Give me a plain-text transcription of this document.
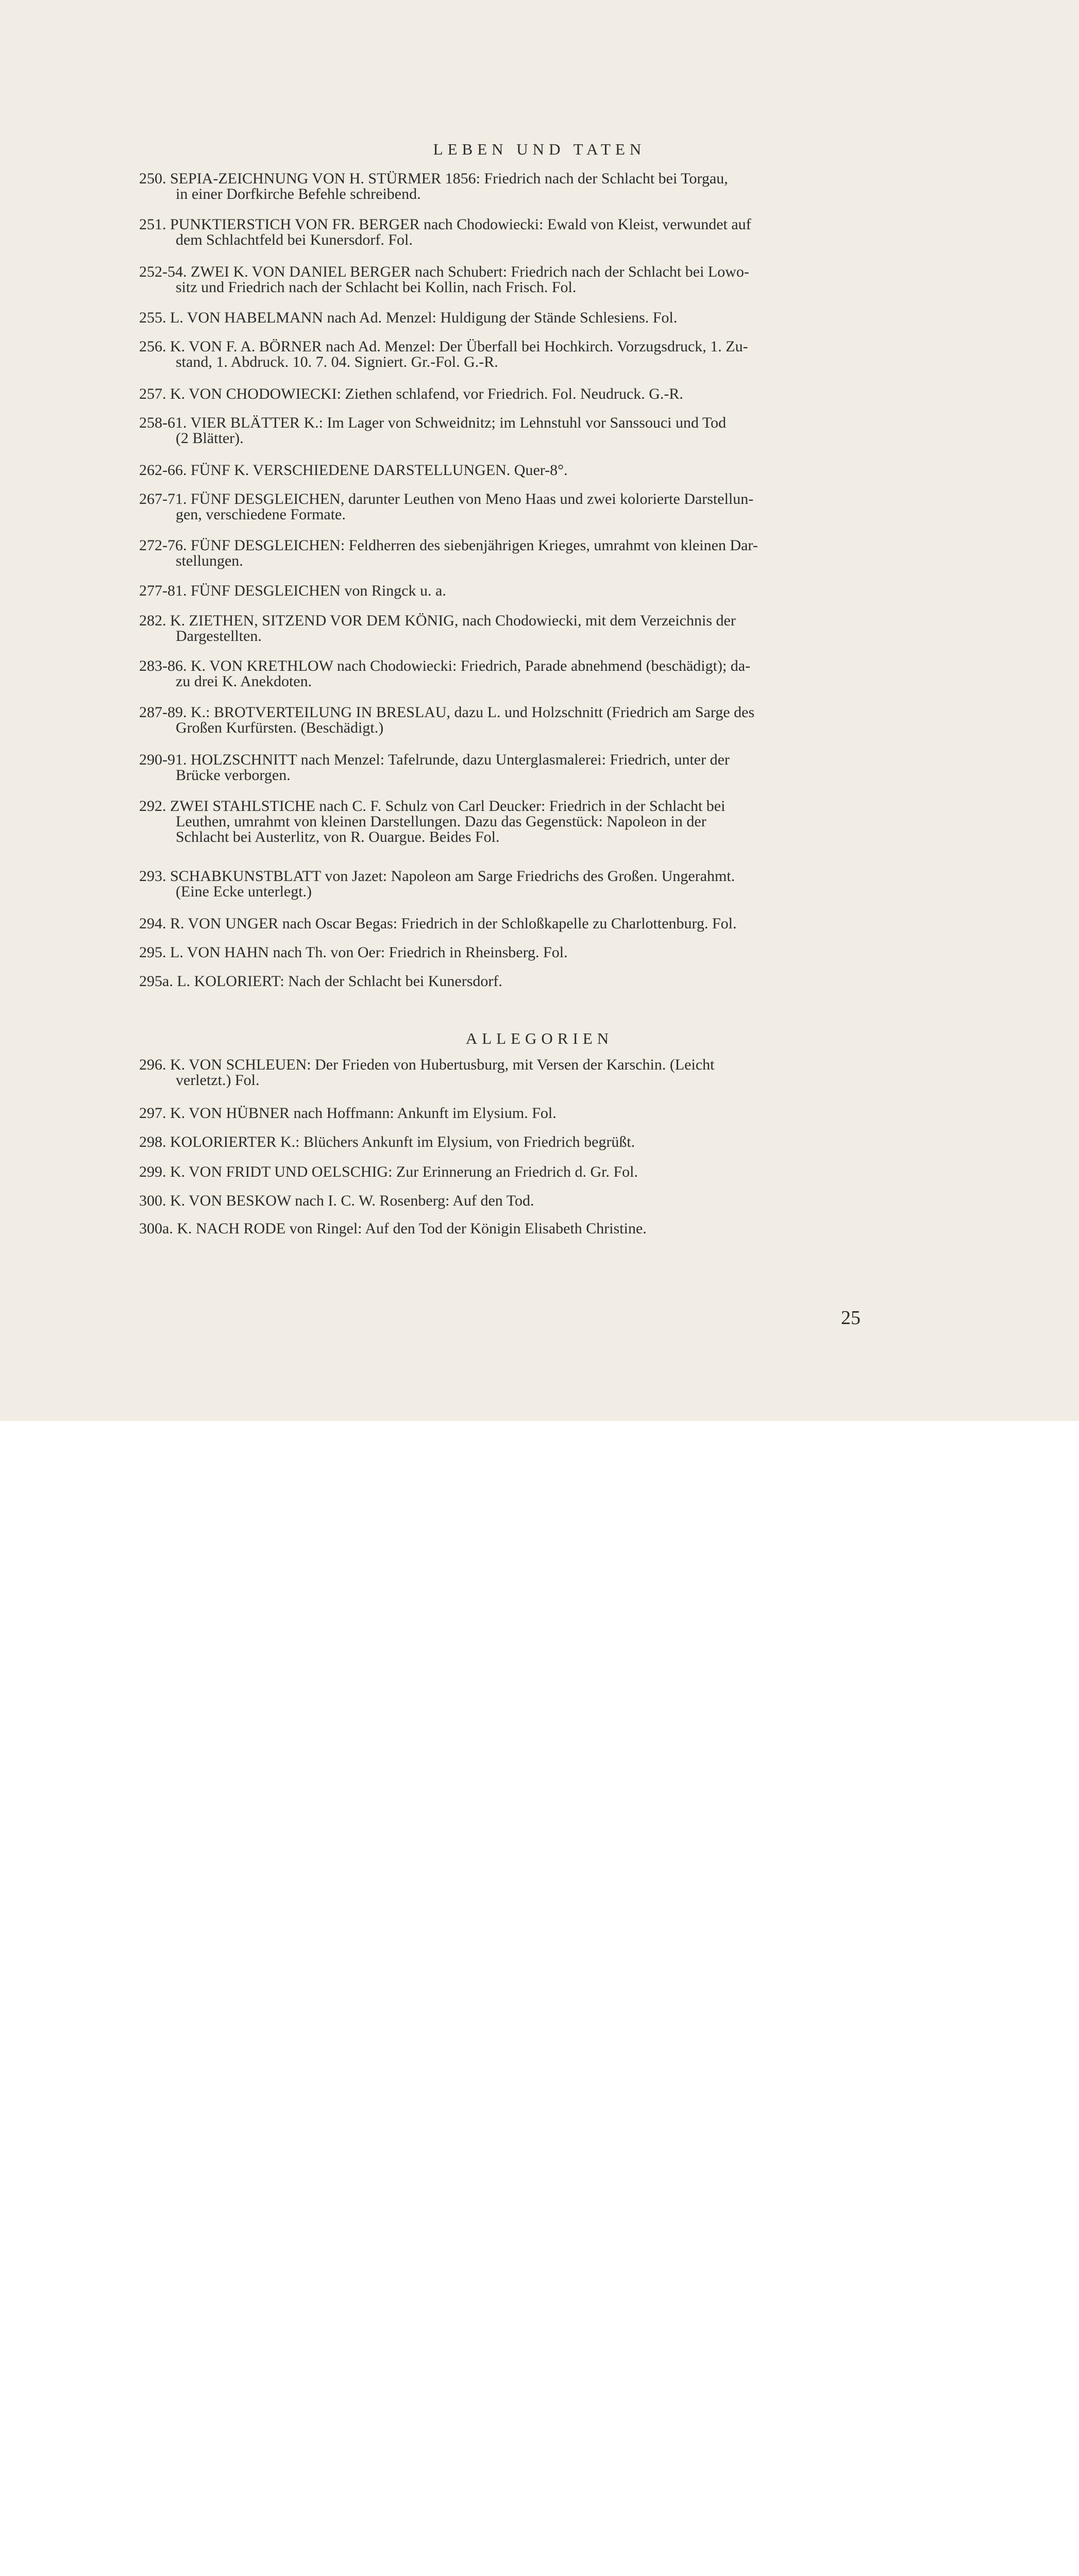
LEBEN UND TATEN
250. SEPIA-ZEICHNUNG VON H. STÜRMER 1856: Friedrich nach der Schlacht bei Torgau,
in einer Dorfkirche Befehle schreibend.
251. PUNKTIERSTICH VON FR. BERGER nach Chodowiecki: Ewald von Kleist, verwundet auf
dem Schlachtfeld bei Kunersdorf. Fol.
252-54. ZWEI K. VON DANIEL BERGER nach Schubert: Friedrich nach der Schlacht bei Lowo-
sitz und Friedrich nach der Schlacht bei Kollin, nach Frisch. Fol.
255. L. VON HABELMANN nach Ad. Menzel: Huldigung der Stände Schlesiens. Fol.
256. K. VON F. A. BÖRNER nach Ad. Menzel: Der Überfall bei Hochkirch. Vorzugsdruck, 1. Zu-
stand, 1. Abdruck. 10. 7. 04. Signiert. Gr.-Fol. G.-R.
257. K. VON CHODOWIECKI: Ziethen schlafend, vor Friedrich. Fol. Neudruck. G.-R.
258-61. VIER BLÄTTER K.: Im Lager von Schweidnitz; im Lehnstuhl vor Sanssouci und Tod
(2 Blätter).
262-66. FÜNF K. VERSCHIEDENE DARSTELLUNGEN. Quer-8°.
267-71. FÜNF DESGLEICHEN, darunter Leuthen von Meno Haas und zwei kolorierte Darstellun-
gen, verschiedene Formate.
272-76. FÜNF DESGLEICHEN: Feldherren des siebenjährigen Krieges, umrahmt von kleinen Dar-
stellungen.
277-81. FÜNF DESGLEICHEN von Ringck u. a.
282. K. ZIETHEN, SITZEND VOR DEM KÖNIG, nach Chodowiecki, mit dem Verzeichnis der
Dargestellten.
283-86. K. VON KRETHLOW nach Chodowiecki: Friedrich, Parade abnehmend (beschädigt); da-
zu drei K. Anekdoten.
287-89. K.: BROTVERTEILUNG IN BRESLAU, dazu L. und Holzschnitt (Friedrich am Sarge des
Großen Kurfürsten. (Beschädigt.)
290-91. HOLZSCHNITT nach Menzel: Tafelrunde, dazu Unterglasmalerei: Friedrich, unter der
Brücke verborgen.
292. ZWEI STAHLSTICHE nach C. F. Schulz von Carl Deucker: Friedrich in der Schlacht bei
Leuthen, umrahmt von kleinen Darstellungen. Dazu das Gegenstück: Napoleon in der
Schlacht bei Austerlitz, von R. Ouargue. Beides Fol.
293. SCHABKUNSTBLATT von Jazet: Napoleon am Sarge Friedrichs des Großen. Ungerahmt.
(Eine Ecke unterlegt.)
294. R. VON UNGER nach Oscar Begas: Friedrich in der Schloßkapelle zu Charlottenburg. Fol.
295. L. VON HAHN nach Th. von Oer: Friedrich in Rheinsberg. Fol.
295a. L. KOLORIERT: Nach der Schlacht bei Kunersdorf.
ALLEGORIEN
296. K. VON SCHLEUEN: Der Frieden von Hubertusburg, mit Versen der Karschin. (Leicht
verletzt.) Fol.
297. K. VON HÜBNER nach Hoffmann: Ankunft im Elysium. Fol.
298. KOLORIERTER K.: Blüchers Ankunft im Elysium, von Friedrich begrüßt.
299. K. VON FRIDT UND OELSCHIG: Zur Erinnerung an Friedrich d. Gr. Fol.
300. K. VON BESKOW nach I. C. W. Rosenberg: Auf den Tod.
300a. K. NACH RODE von Ringel: Auf den Tod der Königin Elisabeth Christine.
25
